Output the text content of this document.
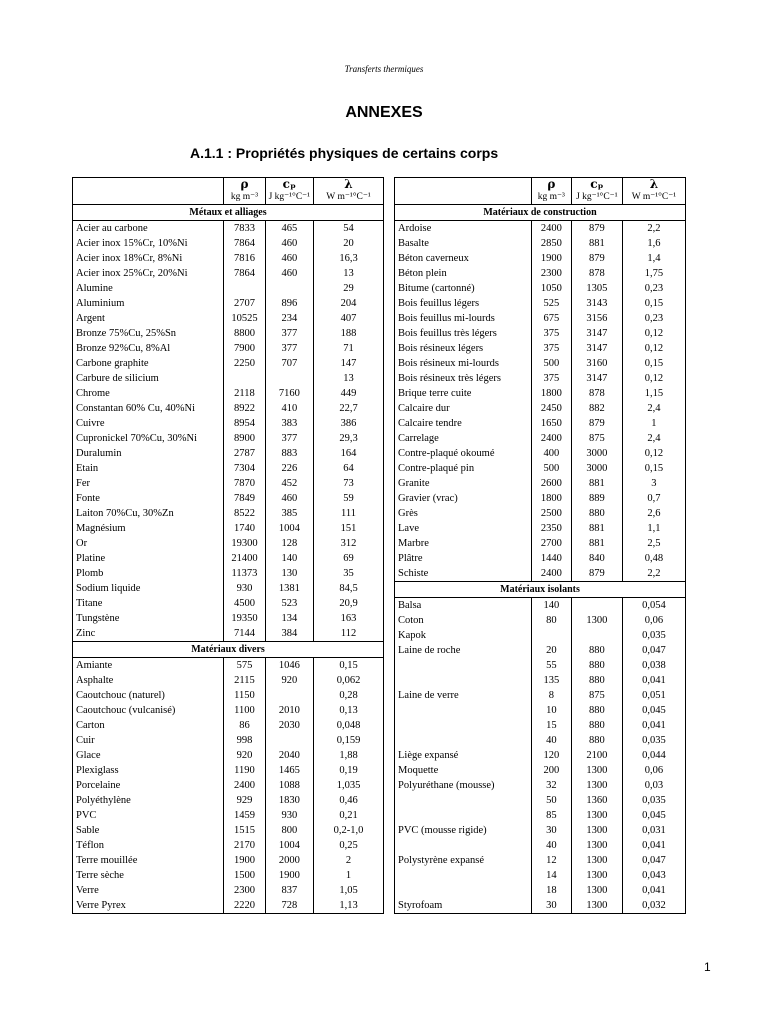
Transferts thermiques
ANNEXES
A.1.1 : Propriétés physiques de certains corps
	ρ	cₚ	λ
	kg m⁻³	J kg⁻¹°C⁻¹	W m⁻¹°C⁻¹
Métaux et alliages			
Acier au carbone	7833	465	54
Acier inox 15%Cr, 10%Ni	7864	460	20
Acier inox 18%Cr, 8%Ni	7816	460	16,3
Acier inox 25%Cr, 20%Ni	7864	460	13
Alumine			29
Aluminium	2707	896	204
Argent	10525	234	407
Bronze 75%Cu, 25%Sn	8800	377	188
Bronze 92%Cu, 8%Al	7900	377	71
Carbone graphite	2250	707	147
Carbure de silicium			13
Chrome	2118	7160	449
Constantan 60% Cu, 40%Ni	8922	410	22,7
Cuivre	8954	383	386
Cupronickel 70%Cu, 30%Ni	8900	377	29,3
Duralumin	2787	883	164
Etain	7304	226	64
Fer	7870	452	73
Fonte	7849	460	59
Laiton 70%Cu, 30%Zn	8522	385	111
Magnésium	1740	1004	151
Or	19300	128	312
Platine	21400	140	69
Plomb	11373	130	35
Sodium liquide	930	1381	84,5
Titane	4500	523	20,9
Tungstène	19350	134	163
Zinc	7144	384	112
Matériaux divers			
Amiante	575	1046	0,15
Asphalte	2115	920	0,062
Caoutchouc (naturel)	1150		0,28
Caoutchouc (vulcanisé)	1100	2010	0,13
Carton	86	2030	0,048
Cuir	998		0,159
Glace	920	2040	1,88
Plexiglass	1190	1465	0,19
Porcelaine	2400	1088	1,035
Polyéthylène	929	1830	0,46
PVC	1459	930	0,21
Sable	1515	800	0,2-1,0
Téflon	2170	1004	0,25
Terre mouillée	1900	2000	2
Terre sèche	1500	1900	1
Verre	2300	837	1,05
Verre Pyrex	2220	728	1,13
	ρ	cₚ	λ
	kg m⁻³	J kg⁻¹°C⁻¹	W m⁻¹°C⁻¹
Matériaux de construction			
Ardoise	2400	879	2,2
Basalte	2850	881	1,6
Béton caverneux	1900	879	1,4
Béton plein	2300	878	1,75
Bitume (cartonné)	1050	1305	0,23
Bois feuillus légers	525	3143	0,15
Bois feuillus mi-lourds	675	3156	0,23
Bois feuillus très légers	375	3147	0,12
Bois résineux légers	375	3147	0,12
Bois résineux mi-lourds	500	3160	0,15
Bois résineux très légers	375	3147	0,12
Brique terre cuite	1800	878	1,15
Calcaire dur	2450	882	2,4
Calcaire tendre	1650	879	1
Carrelage	2400	875	2,4
Contre-plaqué okoumé	400	3000	0,12
Contre-plaqué pin	500	3000	0,15
Granite	2600	881	3
Gravier (vrac)	1800	889	0,7
Grès	2500	880	2,6
Lave	2350	881	1,1
Marbre	2700	881	2,5
Plâtre	1440	840	0,48
Schiste	2400	879	2,2
Matériaux isolants			
Balsa	140		0,054
Coton	80	1300	0,06
Kapok			0,035
Laine de roche	20	880	0,047
	55	880	0,038
	135	880	0,041
Laine de verre	8	875	0,051
	10	880	0,045
	15	880	0,041
	40	880	0,035
Liège expansé	120	2100	0,044
Moquette	200	1300	0,06
Polyuréthane (mousse)	32	1300	0,03
	50	1360	0,035
	85	1300	0,045
PVC (mousse rigide)	30	1300	0,031
	40	1300	0,041
Polystyrène expansé	12	1300	0,047
	14	1300	0,043
	18	1300	0,041
Styrofoam	30	1300	0,032
1
